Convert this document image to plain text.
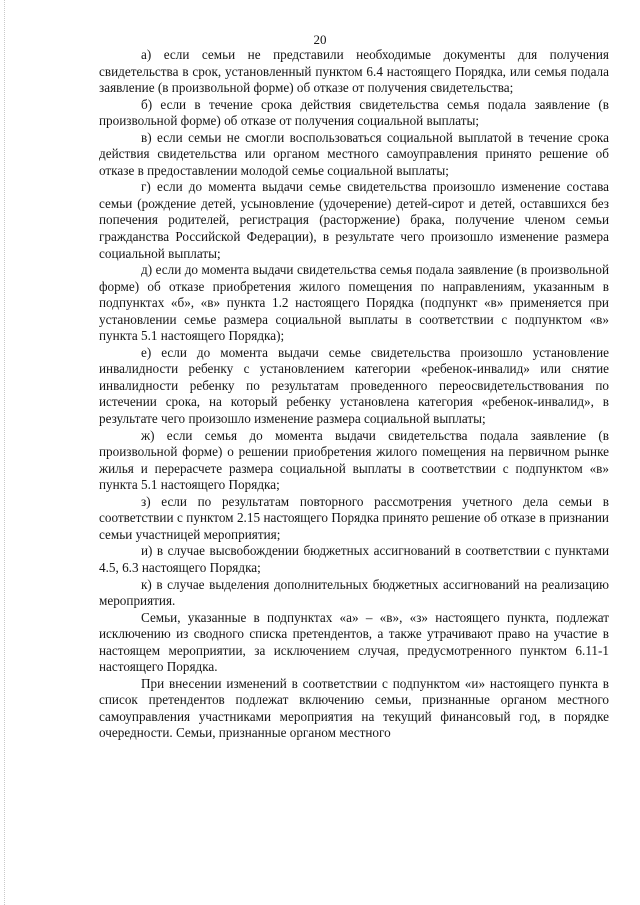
20

а) если семьи не представили необходимые документы для получения свидетельства в срок, установленный пунктом 6.4 настоящего Порядка, или семья подала заявление (в произвольной форме) об отказе от получения свидетельства;

б) если в течение срока действия свидетельства семья подала заявление (в произвольной форме) об отказе от получения социальной выплаты;

в) если семьи не смогли воспользоваться социальной выплатой в течение срока действия свидетельства или органом местного самоуправления принято решение об отказе в предоставлении молодой семье социальной выплаты;

г) если до момента выдачи семье свидетельства произошло изменение состава семьи (рождение детей, усыновление (удочерение) детей-сирот и детей, оставшихся без попечения родителей, регистрация (расторжение) брака, получение членом семьи гражданства Российской Федерации), в результате чего произошло изменение размера социальной выплаты;

д) если до момента выдачи свидетельства семья подала заявление (в произвольной форме) об отказе приобретения жилого помещения по направлениям, указанным в подпунктах «б», «в» пункта 1.2 настоящего Порядка (подпункт «в» применяется при установлении семье размера социальной выплаты в соответствии с подпунктом «в» пункта 5.1 настоящего Порядка);

е) если до момента выдачи семье свидетельства произошло установление инвалидности ребенку с установлением категории «ребенок-инвалид» или снятие инвалидности ребенку по результатам проведенного переосвидетельствования по истечении срока, на который ребенку установлена категория «ребенок-инвалид», в результате чего произошло изменение размера социальной выплаты;

ж) если семья до момента выдачи свидетельства подала заявление (в произвольной форме) о решении приобретения жилого помещения на первичном рынке жилья и перерасчете размера социальной выплаты в соответствии с подпунктом «в» пункта 5.1 настоящего Порядка;

з) если по результатам повторного рассмотрения учетного дела семьи в соответствии с пунктом 2.15 настоящего Порядка принято решение об отказе в признании семьи участницей мероприятия;

и) в случае высвобождении бюджетных ассигнований в соответствии с пунктами 4.5, 6.3 настоящего Порядка;

к) в случае выделения дополнительных бюджетных ассигнований на реализацию мероприятия.

Семьи, указанные в подпунктах «а» – «в», «з» настоящего пункта, подлежат исключению из сводного списка претендентов, а также утрачивают право на участие в настоящем мероприятии, за исключением случая, предусмотренного пунктом 6.11-1 настоящего Порядка.

При внесении изменений в соответствии с подпунктом «и» настоящего пункта в список претендентов подлежат включению семьи, признанные органом местного самоуправления участниками мероприятия на текущий финансовый год, в порядке очередности. Семьи, признанные органом местного
